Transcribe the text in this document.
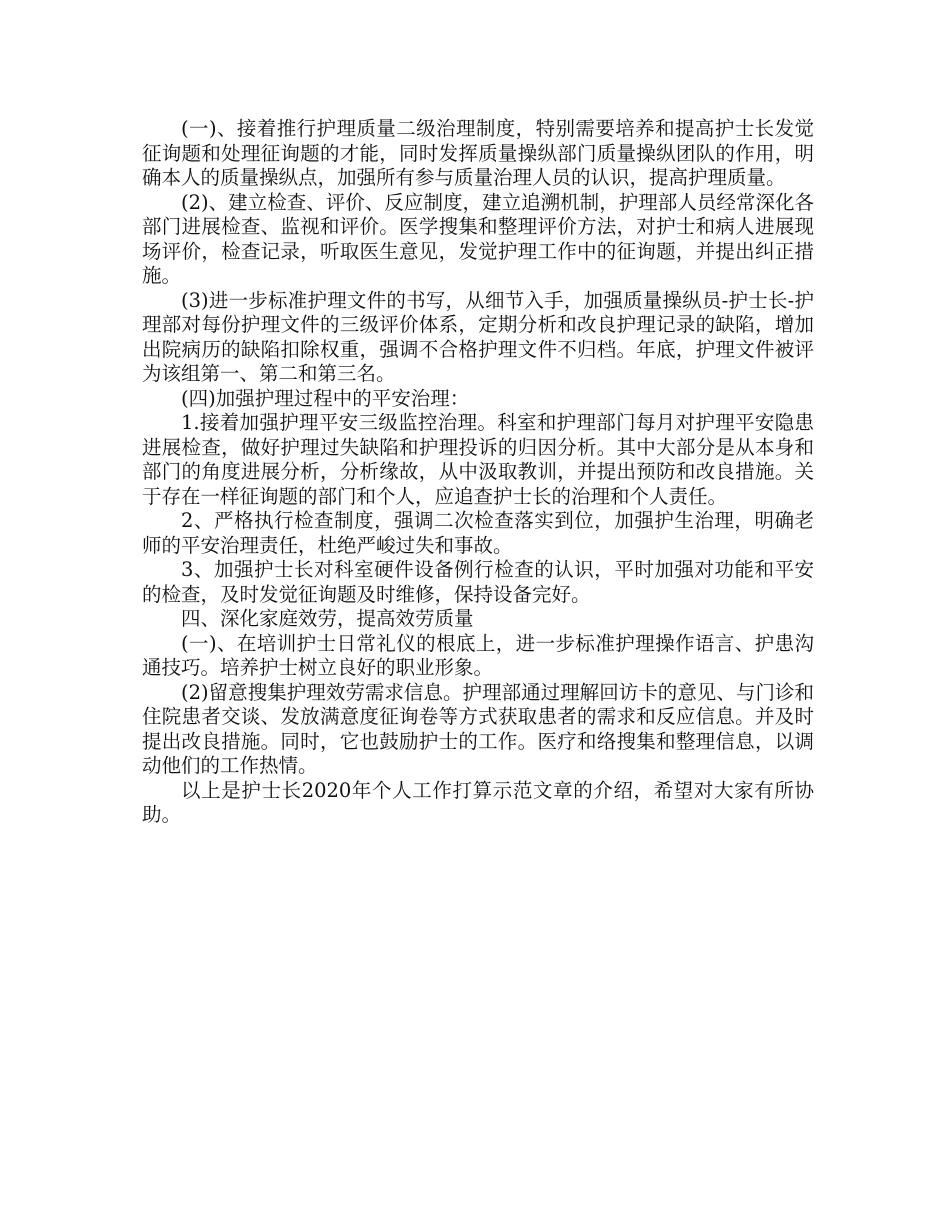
(一)、接着推行护理质量二级治理制度，特别需要培养和提高护士长发觉征询题和处理征询题的才能，同时发挥质量操纵部门质量操纵团队的作用，明确本人的质量操纵点，加强所有参与质量治理人员的认识，提高护理质量。

(2)、建立检查、评价、反应制度，建立追溯机制，护理部人员经常深化各部门进展检查、监视和评价。医学搜集和整理评价方法，对护士和病人进展现场评价，检查记录，听取医生意见，发觉护理工作中的征询题，并提出纠正措施。

(3)进一步标准护理文件的书写，从细节入手，加强质量操纵员-护士长-护理部对每份护理文件的三级评价体系，定期分析和改良护理记录的缺陷，增加出院病历的缺陷扣除权重，强调不合格护理文件不归档。年底，护理文件被评为该组第一、第二和第三名。

(四)加强护理过程中的平安治理：

1.接着加强护理平安三级监控治理。科室和护理部门每月对护理平安隐患进展检查，做好护理过失缺陷和护理投诉的归因分析。其中大部分是从本身和部门的角度进展分析，分析缘故，从中汲取教训，并提出预防和改良措施。关于存在一样征询题的部门和个人，应追查护士长的治理和个人责任。

2、严格执行检查制度，强调二次检查落实到位，加强护生治理，明确老师的平安治理责任，杜绝严峻过失和事故。

3、加强护士长对科室硬件设备例行检查的认识，平时加强对功能和平安的检查，及时发觉征询题及时维修，保持设备完好。

四、深化家庭效劳，提高效劳质量

(一)、在培训护士日常礼仪的根底上，进一步标准护理操作语言、护患沟通技巧。培养护士树立良好的职业形象。

(2)留意搜集护理效劳需求信息。护理部通过理解回访卡的意见、与门诊和住院患者交谈、发放满意度征询卷等方式获取患者的需求和反应信息。并及时提出改良措施。同时，它也鼓励护士的工作。医疗和络搜集和整理信息，以调动他们的工作热情。

以上是护士长2020年个人工作打算示范文章的介绍，希望对大家有所协助。
